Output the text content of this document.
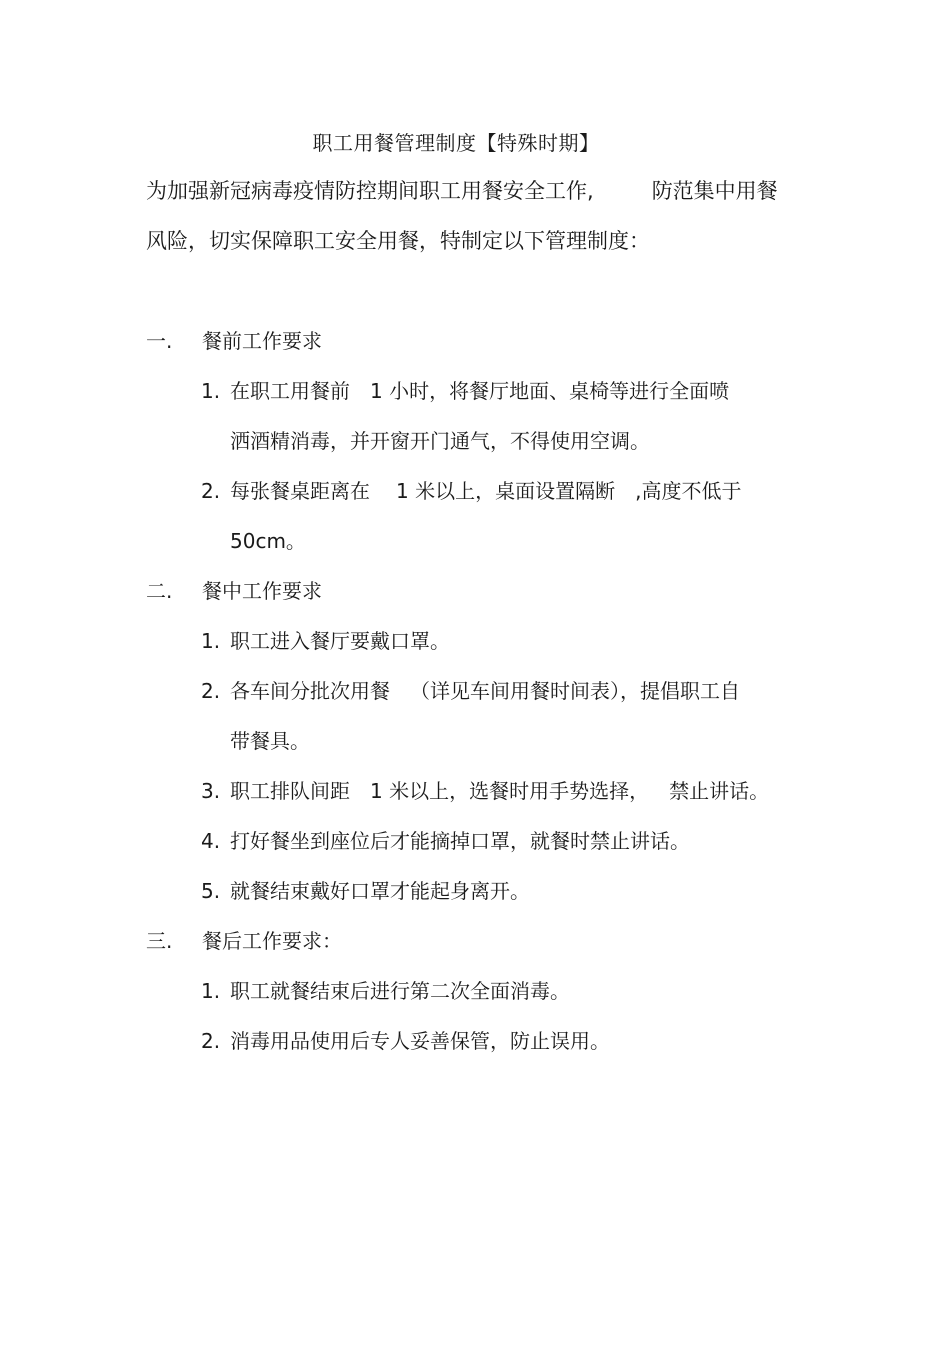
职工用餐管理制度【特殊时期】
为加强新冠病毒疫情防控期间职工用餐安全工作,	防范集中用餐
风险，切实保障职工安全用餐，特制定以下管理制度：
一. 餐前工作要求
1. 在职工用餐前 1 小时，将餐厅地面、桌椅等进行全面喷
洒酒精消毒，并开窗开门通气，不得使用空调。
2. 每张餐桌距离在 1 米以上，桌面设置隔断 ,高度不低于
50cm。
二. 餐中工作要求
1. 职工进入餐厅要戴口罩。
2. 各车间分批次用餐 （详见车间用餐时间表），提倡职工自
带餐具。
3. 职工排队间距 1 米以上，选餐时用手势选择， 禁止讲话。
4. 打好餐坐到座位后才能摘掉口罩，就餐时禁止讲话。
5. 就餐结束戴好口罩才能起身离开。
三. 餐后工作要求：
1. 职工就餐结束后进行第二次全面消毒。
2. 消毒用品使用后专人妥善保管，防止误用。
